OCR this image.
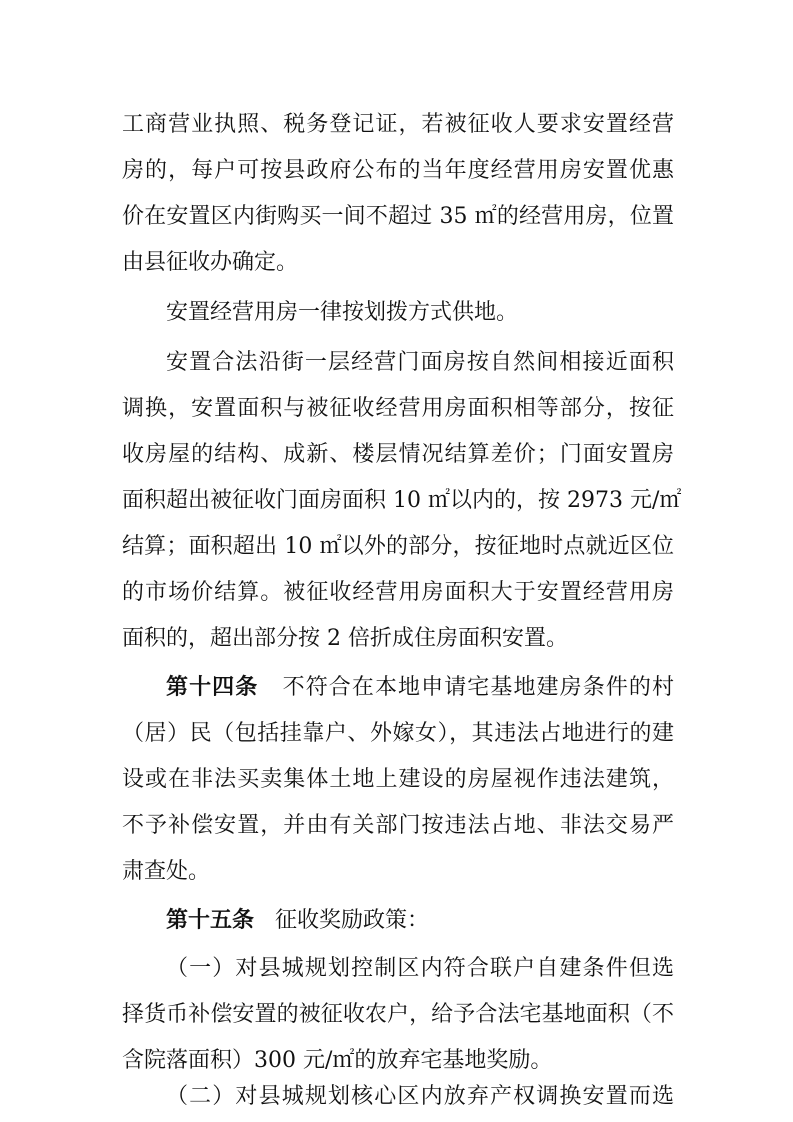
工商营业执照、税务登记证，若被征收人要求安置经营
房的，每户可按县政府公布的当年度经营用房安置优惠
价在安置区内街购买一间不超过 35 ㎡的经营用房，位置
由县征收办确定。
安置经营用房一律按划拨方式供地。
安置合法沿街一层经营门面房按自然间相接近面积
调换，安置面积与被征收经营用房面积相等部分，按征
收房屋的结构、成新、楼层情况结算差价；门面安置房
面积超出被征收门面房面积 10 ㎡以内的，按 2973 元/㎡
结算；面积超出 10 ㎡以外的部分，按征地时点就近区位
的市场价结算。被征收经营用房面积大于安置经营用房
面积的，超出部分按 2 倍折成住房面积安置。
第十四条 不符合在本地申请宅基地建房条件的村
（居）民（包括挂靠户、外嫁女），其违法占地进行的建
设或在非法买卖集体土地上建设的房屋视作违法建筑，
不予补偿安置，并由有关部门按违法占地、非法交易严
肃查处。
第十五条 征收奖励政策：
（一）对县城规划控制区内符合联户自建条件但选
择货币补偿安置的被征收农户，给予合法宅基地面积（不
含院落面积）300 元/㎡的放弃宅基地奖励。
（二）对县城规划核心区内放弃产权调换安置而选
